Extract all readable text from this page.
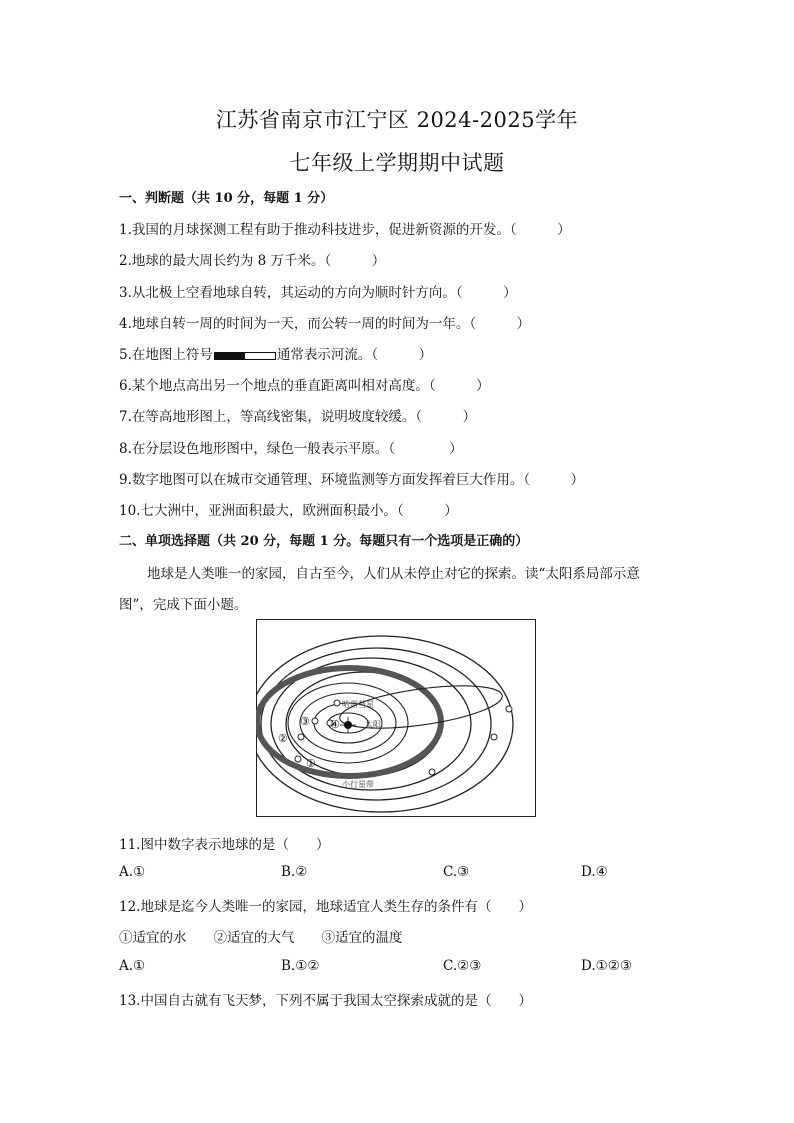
江苏省南京市江宁区 2024-2025学年
七年级上学期期中试题
一、判断题（共 10 分，每题 1 分）
1.我国的月球探测工程有助于推动科技进步，促进新资源的开发。（　　　）
2.地球的最大周长约为 8 万千米。（　　　）
3.从北极上空看地球自转，其运动的方向为顺时针方向。（　　　）
4.地球自转一周的时间为一天，而公转一周的时间为一年。（　　　）
5.在地图上符号	通常表示河流。（　　　）
6.某个地点高出另一个地点的垂直距离叫相对高度。（　　　）
7.在等高地形图上，等高线密集，说明坡度较缓。（　　　）
8.在分层设色地形图中，绿色一般表示平原。（　　　　）
9.数字地图可以在城市交通管理、环境监测等方面发挥着巨大作用。（　　　）
10.七大洲中，亚洲面积最大，欧洲面积最小。（　　　）
二、单项选择题（共 20 分，每题 1 分。每题只有一个选项是正确的）
地球是人类唯一的家园，自古至今，人们从未停止对它的探索。读“太阳系局部示意
图”，完成下面小题。
哈雷彗星
太阳
小行星带
④
③
②
①
11.图中数字表示地球的是（　　）
A.①	B.②	C.③	D.④
12.地球是迄今人类唯一的家园，地球适宜人类生存的条件有（　　）
①适宜的水　　②适宜的大气　　③适宜的温度
A.①	B.①②	C.②③	D.①②③
13.中国自古就有飞天梦，下列不属于我国太空探索成就的是（　　）
